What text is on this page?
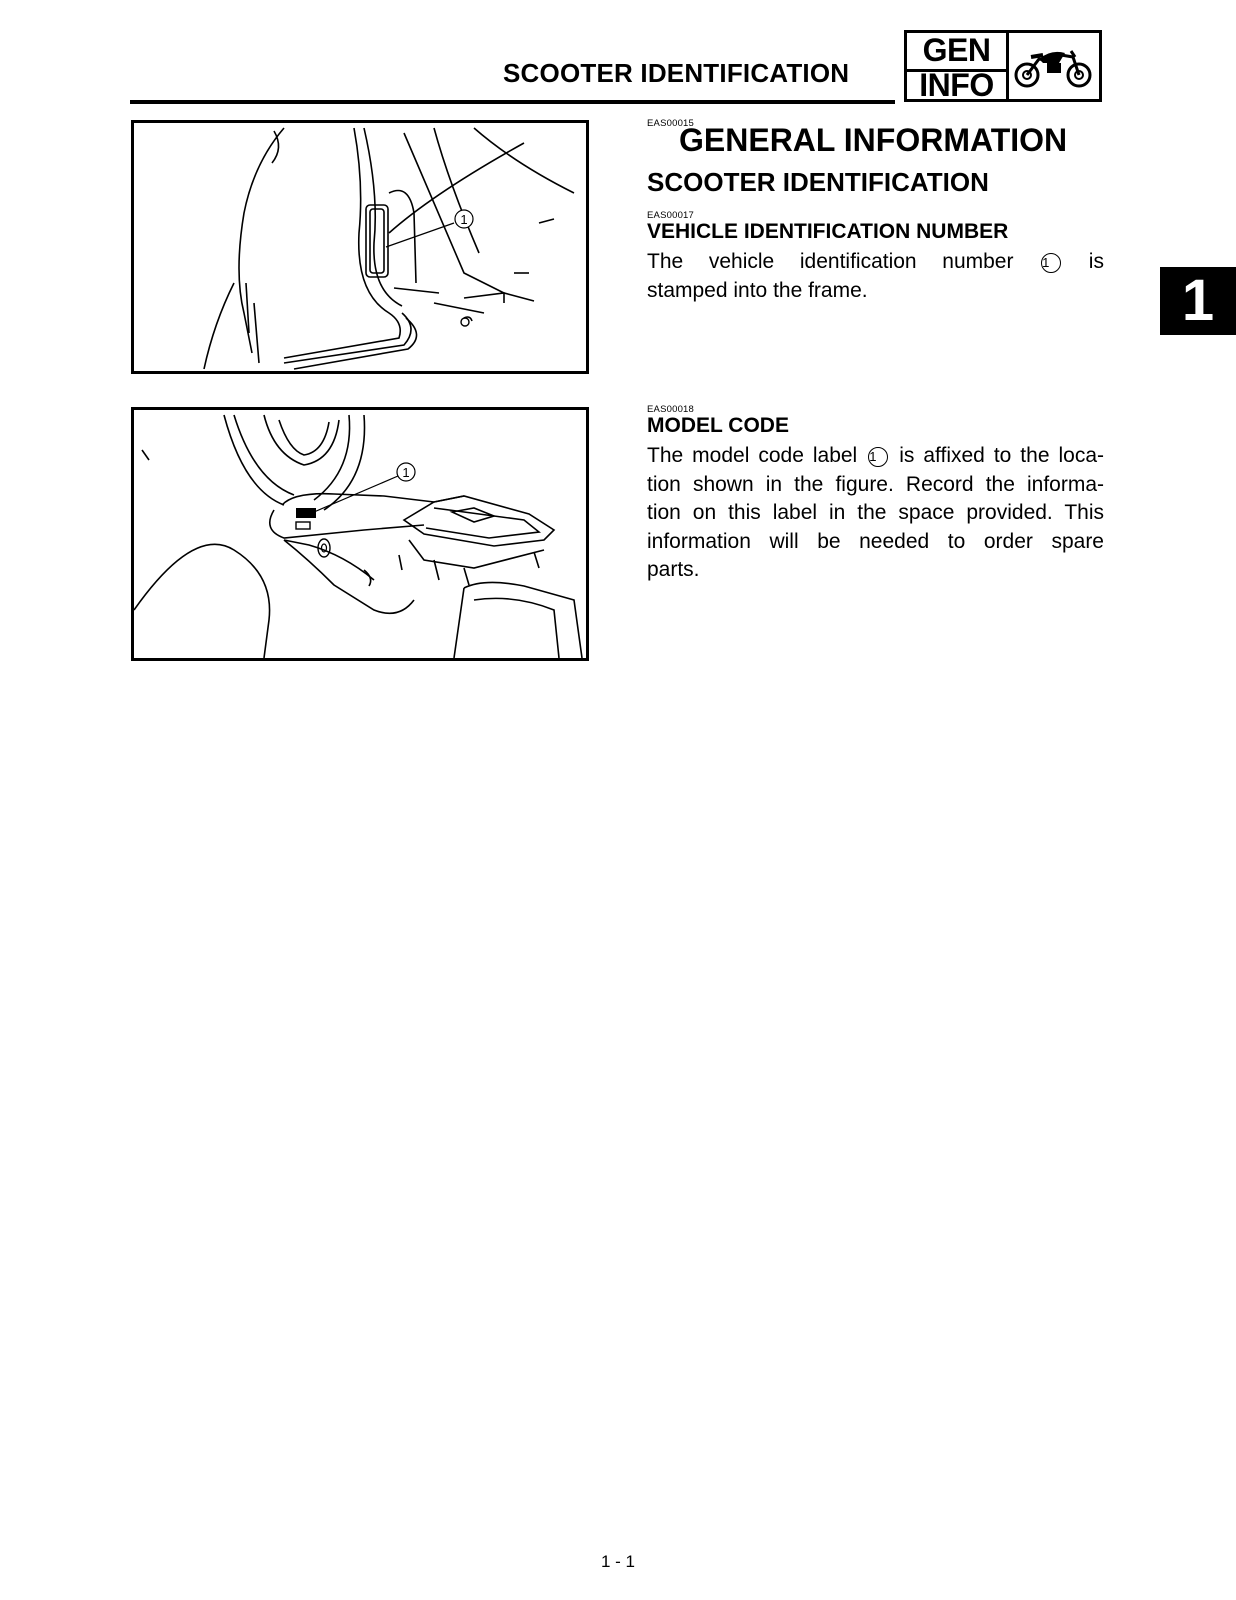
SCOOTER IDENTIFICATION
GEN
INFO
1
1
1
EAS00015
GENERAL INFORMATION
SCOOTER IDENTIFICATION
EAS00017
VEHICLE IDENTIFICATION NUMBER
The vehicle identification number 1 is
stamped into the frame.
EAS00018
MODEL CODE
The model code label 1 is affixed to the loca-
tion shown in the figure. Record the informa-
tion on this label in the space provided. This
information will be needed to order spare
parts.
1 - 1
